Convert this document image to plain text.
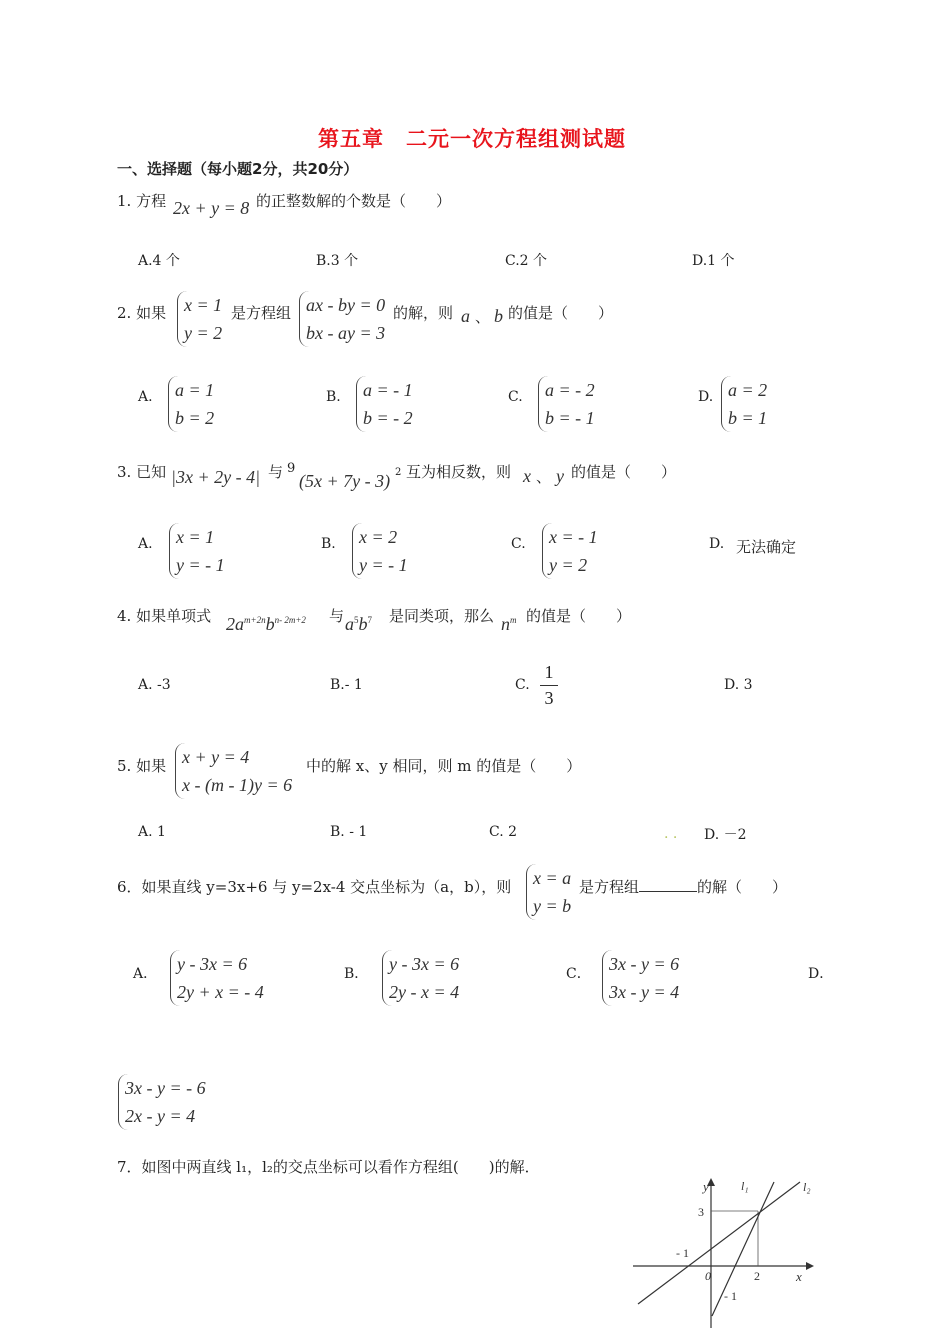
第五章　二元一次方程组测试题
一、选择题（每小题2分，共20分）
1. 方程 2x + y = 8 的正整数解的个数是（　　）
A.4 个	B.3 个	C.2 个	D.1 个
2. 如果 x = 1
y = 2
是方程组 ax - by = 0
bx - ay = 3
的解，则 a 、 b 的值是（　　）
A. a = 1
b = 2
B. a = - 1
b = - 2
C. a = - 2
b = - 1
D. a = 2
b = 1
3. 已知 |3x + 2y - 4| 与 9
(5x + 7y - 3) 2 互为相反数，则 x 、 y 的值是（　　）
A. x = 1
y = - 1
B. x = 2
y = - 1
C. x = - 1
y = 2
D. 无法确定
4. 如果单项式 $2a^{m+2n}b^{n- 2m+2}$ 与 $a^5b^7$ 是同类项，那么 $n^m$ 的值是（　　）
A. -3	B.- 1	C.
1
3
D. 3
5. 如果 x + y = 4
x - (m - 1)y = 6
中的解 x、y 相同，则 m 的值是（　　）
A. 1	B. - 1	C. 2	. . D. －2
6．如果直线 y=3x+6 与 y=2x-4 交点坐标为（a，b），则 x = a
y = b
是方程组	的解（　　）
A． y - 3x = 6
2y + x = - 4
B． y - 3x = 6
2y - x = 4
C． 3x - y = 6
3x - y = 4
D．
3x - y = - 6
2x - y = 4
7．如图中两直线 l₁，l₂的交点坐标可以看作方程组(　　)的解．
y
x
l₁	l₂
3
- 1
0	2
- 1
